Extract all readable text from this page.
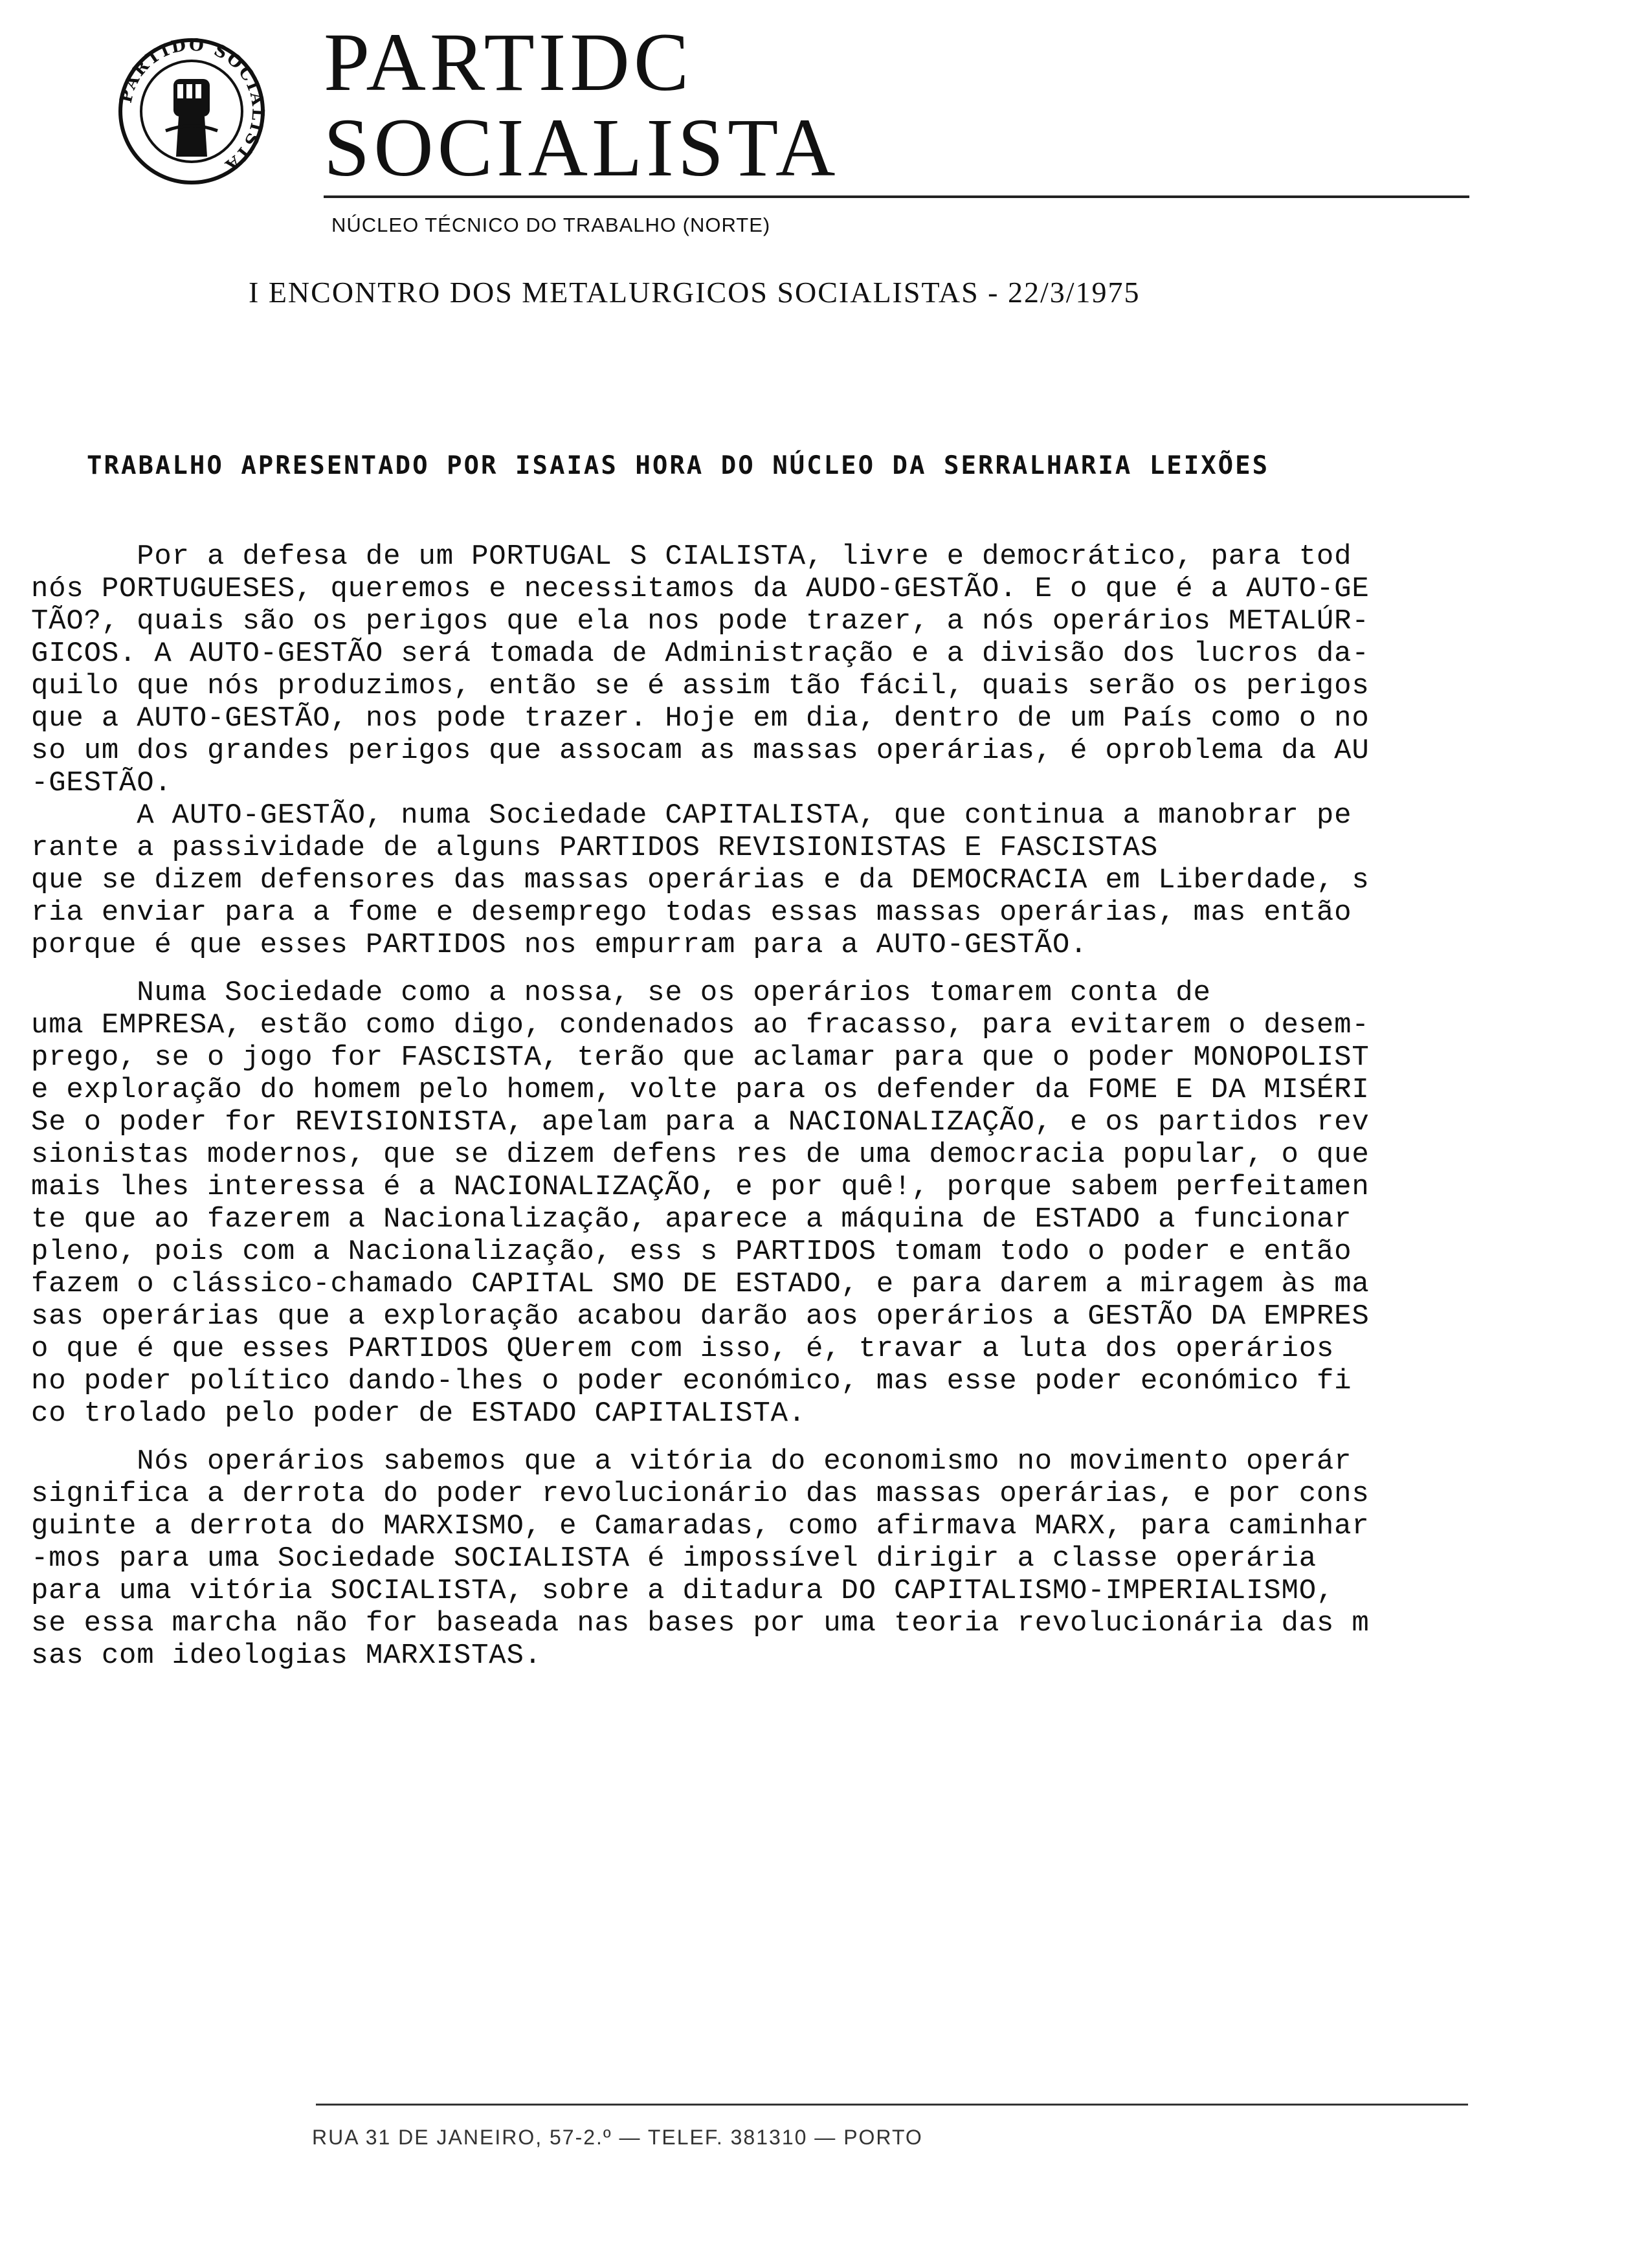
PARTIDO SOCIALISTA
PARTIDC
SOCIALISTA
NÚCLEO TÉCNICO DO TRABALHO (NORTE)
I ENCONTRO DOS METALURGICOS SOCIALISTAS - 22/3/1975
TRABALHO APRESENTADO POR ISAIAS HORA DO NÚCLEO DA SERRALHARIA LEIXÕES
Por a defesa de um PORTUGAL S CIALISTA, livre e democrático, para tod
nós PORTUGUESES, queremos e necessitamos da AUDO-GESTÃO. E o que é a AUTO-GE
TÃO?, quais são os perigos que ela nos pode trazer, a nós operários METALÚR-
GICOS. A AUTO-GESTÃO será tomada de Administração e a divisão dos lucros da-
quilo que nós produzimos, então se é assim tão fácil, quais serão os perigos
que a AUTO-GESTÃO, nos pode trazer. Hoje em dia, dentro de um País como o no
so um dos grandes perigos que assocam as massas operárias, é oproblema da AU
-GESTÃO.
A AUTO-GESTÃO, numa Sociedade CAPITALISTA, que continua a manobrar pe
rante a passividade de alguns PARTIDOS REVISIONISTAS E FASCISTAS
que se dizem defensores das massas operárias e da DEMOCRACIA em Liberdade, s
ria enviar para a fome e desemprego todas essas massas operárias, mas então
porque é que esses PARTIDOS nos empurram para a AUTO-GESTÃO.
Numa Sociedade como a nossa, se os operários tomarem conta de
uma EMPRESA, estão como digo, condenados ao fracasso, para evitarem o desem-
prego, se o jogo for FASCISTA, terão que aclamar para que o poder MONOPOLIST
e exploração do homem pelo homem, volte para os defender da FOME E DA MISÉRI
Se o poder for REVISIONISTA, apelam para a NACIONALIZAÇÃO, e os partidos rev
sionistas modernos, que se dizem defens res de uma democracia popular, o que
mais lhes interessa é a NACIONALIZAÇÃO, e por quê!, porque sabem perfeitamen
te que ao fazerem a Nacionalização, aparece a máquina de ESTADO a funcionar
pleno, pois com a Nacionalização, ess s PARTIDOS tomam todo o poder e então
fazem o clássico-chamado CAPITAL SMO DE ESTADO, e para darem a miragem às ma
sas operárias que a exploração acabou darão aos operários a GESTÃO DA EMPRES
o que é que esses PARTIDOS QUerem com isso, é, travar a luta dos operários
no poder político dando-lhes o poder económico, mas esse poder económico fi
co trolado pelo poder de ESTADO CAPITALISTA.
Nós operários sabemos que a vitória do economismo no movimento operár
significa a derrota do poder revolucionário das massas operárias, e por cons
guinte a derrota do MARXISMO, e Camaradas, como afirmava MARX, para caminhar
-mos para uma Sociedade SOCIALISTA é impossível dirigir a classe operária
para uma vitória SOCIALISTA, sobre a ditadura DO CAPITALISMO-IMPERIALISMO,
se essa marcha não for baseada nas bases por uma teoria revolucionária das m
sas com ideologias MARXISTAS.
RUA 31 DE JANEIRO, 57-2.º — TELEF. 381310 — PORTO
